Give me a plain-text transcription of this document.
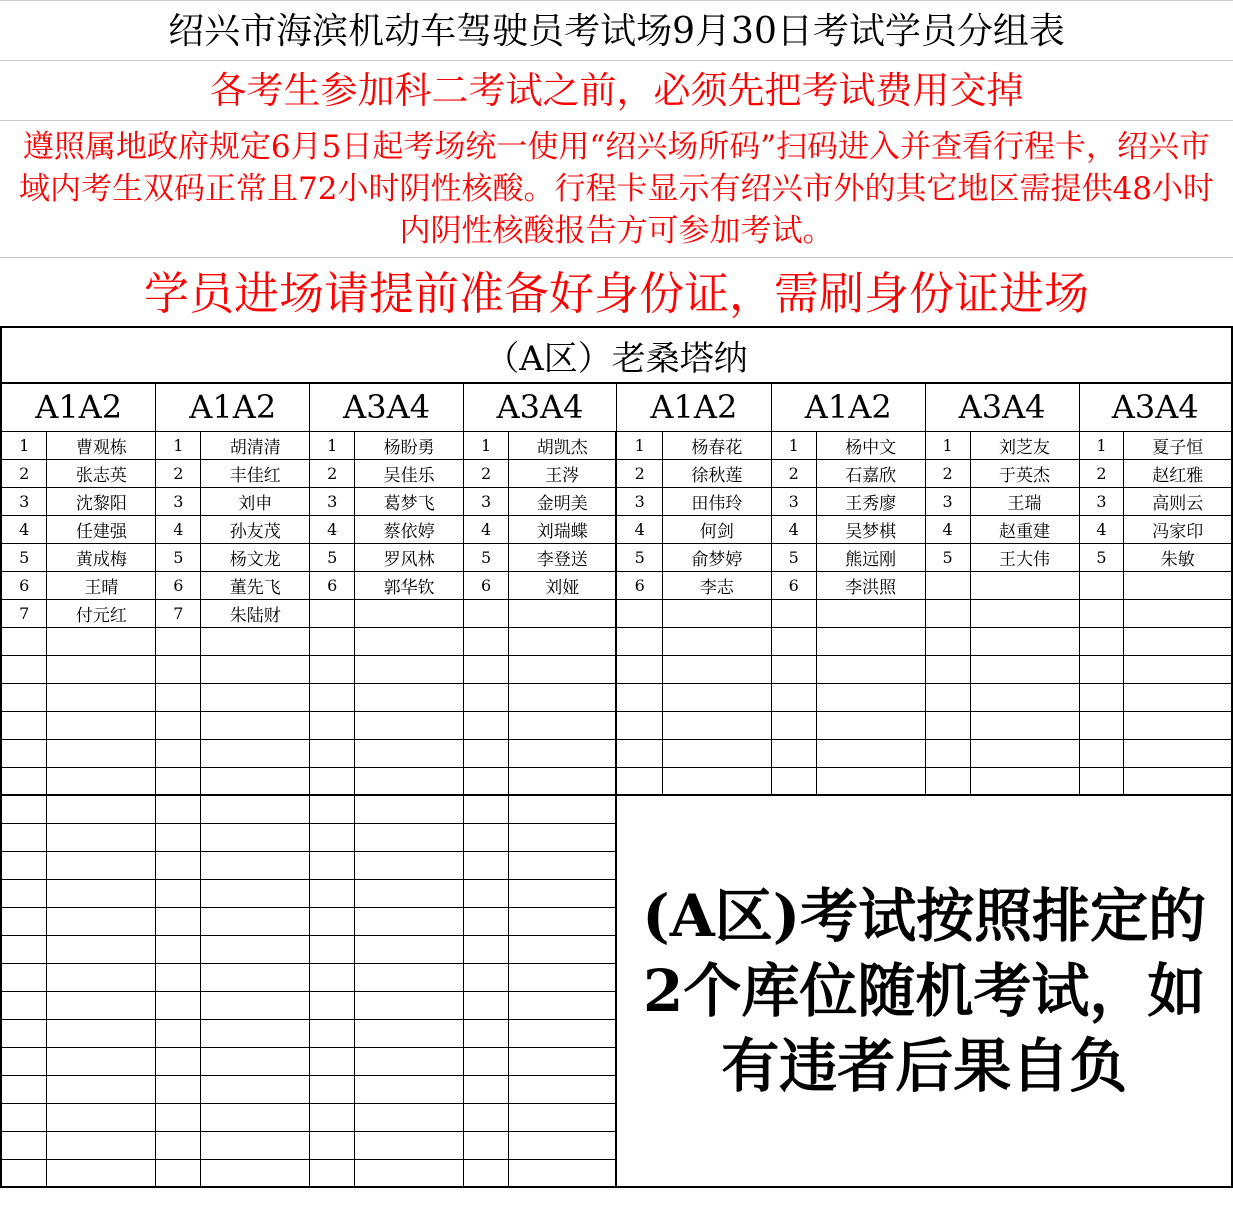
绍兴市海滨机动车驾驶员考试场9月30日考试学员分组表
各考生参加科二考试之前，必须先把考试费用交掉
遵照属地政府规定6月5日起考场统一使用“绍兴场所码”扫码进入并查看行程卡，绍兴市域内考生双码正常且72小时阴性核酸。行程卡显示有绍兴市外的其它地区需提供48小时内阴性核酸报告方可参加考试。
学员进场请提前准备好身份证，需刷身份证进场
（A区）老桑塔纳															
A1A2		A1A2		A3A4		A3A4		A1A2		A1A2		A3A4		A3A4	
1	曹观栋	1	胡清清	1	杨盼勇	1	胡凯杰	1	杨春花	1	杨中文	1	刘芝友	1	夏子恒
2	张志英	2	丰佳红	2	吴佳乐	2	王涔	2	徐秋莲	2	石嘉欣	2	于英杰	2	赵红雅
3	沈黎阳	3	刘申	3	葛梦飞	3	金明美	3	田伟玲	3	王秀廖	3	王瑞	3	高则云
4	任建强	4	孙友茂	4	蔡依婷	4	刘瑞蝶	4	何剑	4	吴梦棋	4	赵重建	4	冯家印
5	黄成梅	5	杨文龙	5	罗风林	5	李登送	5	俞梦婷	5	熊远刚	5	王大伟	5	朱敏
6	王晴	6	董先飞	6	郭华钦	6	刘娅	6	李志	6	李洪照				
7	付元红	7	朱陆财												

								(A区)考试按照排定的2个库位随机考试，如有违者后果自负							
